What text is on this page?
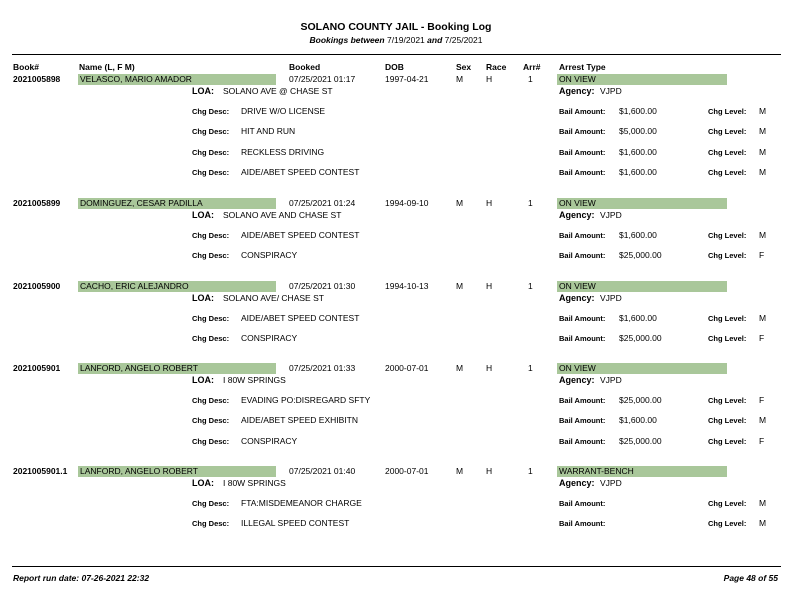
SOLANO COUNTY JAIL - Booking Log
Bookings between 7/19/2021 and 7/25/2021
Book#	Name (L, F M)	Booked	DOB	Sex Race Arr# Arrest Type
2021005898 VELASCO, MARIO AMADOR	07/25/2021 01:17	1997-04-21	M	H	1	ON VIEW
LOA: SOLANO AVE @ CHASE ST	Agency: VJPD
Chg Desc: DRIVE W/O LICENSE	Bail Amount: $1,600.00	Chg Level: M
Chg Desc: HIT AND RUN	Bail Amount: $5,000.00	Chg Level: M
Chg Desc: RECKLESS DRIVING	Bail Amount: $1,600.00	Chg Level: M
Chg Desc: AIDE/ABET SPEED CONTEST	Bail Amount: $1,600.00	Chg Level: M
2021005899 DOMINGUEZ, CESAR PADILLA	07/25/2021 01:24	1994-09-10	M	H	1	ON VIEW
LOA: SOLANO AVE AND CHASE ST	Agency: VJPD
Chg Desc: AIDE/ABET SPEED CONTEST	Bail Amount: $1,600.00	Chg Level: M
Chg Desc: CONSPIRACY	Bail Amount: $25,000.00	Chg Level: F
2021005900 CACHO, ERIC ALEJANDRO	07/25/2021 01:30	1994-10-13	M	H	1	ON VIEW
LOA: SOLANO AVE/ CHASE ST	Agency: VJPD
Chg Desc: AIDE/ABET SPEED CONTEST	Bail Amount: $1,600.00	Chg Level: M
Chg Desc: CONSPIRACY	Bail Amount: $25,000.00	Chg Level: F
2021005901 LANFORD, ANGELO ROBERT	07/25/2021 01:33	2000-07-01	M	H	1	ON VIEW
LOA: I 80W SPRINGS	Agency: VJPD
Chg Desc: EVADING PO:DISREGARD SFTY	Bail Amount: $25,000.00	Chg Level: F
Chg Desc: AIDE/ABET SPEED EXHIBITN	Bail Amount: $1,600.00	Chg Level: M
Chg Desc: CONSPIRACY	Bail Amount: $25,000.00	Chg Level: F
2021005901.1 LANFORD, ANGELO ROBERT	07/25/2021 01:40	2000-07-01	M	H	1	WARRANT-BENCH
LOA: I 80W SPRINGS	Agency: VJPD
Chg Desc: FTA:MISDEMEANOR CHARGE	Bail Amount:	Chg Level: M
Chg Desc: ILLEGAL SPEED CONTEST	Bail Amount:	Chg Level: M
Report run date: 07-26-2021 22:32	Page 48 of 55
